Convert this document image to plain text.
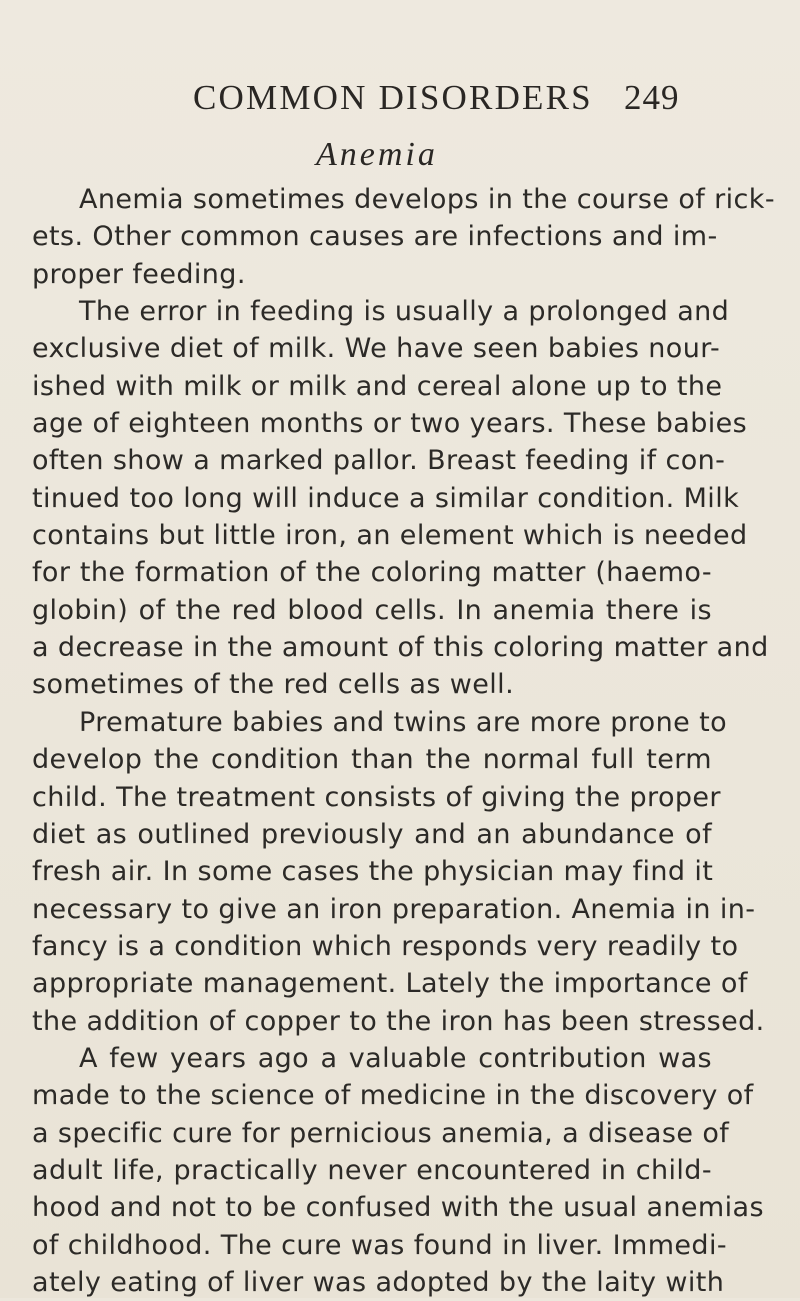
COMMON DISORDERS 249
Anemia
Anemia sometimes develops in the course of rick-
ets. Other common causes are infections and im-
proper feeding.
The error in feeding is usually a prolonged and
exclusive diet of milk. We have seen babies nour-
ished with milk or milk and cereal alone up to the
age of eighteen months or two years. These babies
often show a marked pallor. Breast feeding if con-
tinued too long will induce a similar condition. Milk
contains but little iron, an element which is needed
for the formation of the coloring matter (haemo-
globin) of the red blood cells. In anemia there is
a decrease in the amount of this coloring matter and
sometimes of the red cells as well.
Premature babies and twins are more prone to
develop the condition than the normal full term
child. The treatment consists of giving the proper
diet as outlined previously and an abundance of
fresh air. In some cases the physician may find it
necessary to give an iron preparation. Anemia in in-
fancy is a condition which responds very readily to
appropriate management. Lately the importance of
the addition of copper to the iron has been stressed.
A few years ago a valuable contribution was
made to the science of medicine in the discovery of
a specific cure for pernicious anemia, a disease of
adult life, practically never encountered in child-
hood and not to be confused with the usual anemias
of childhood. The cure was found in liver. Immedi-
ately eating of liver was adopted by the laity with
